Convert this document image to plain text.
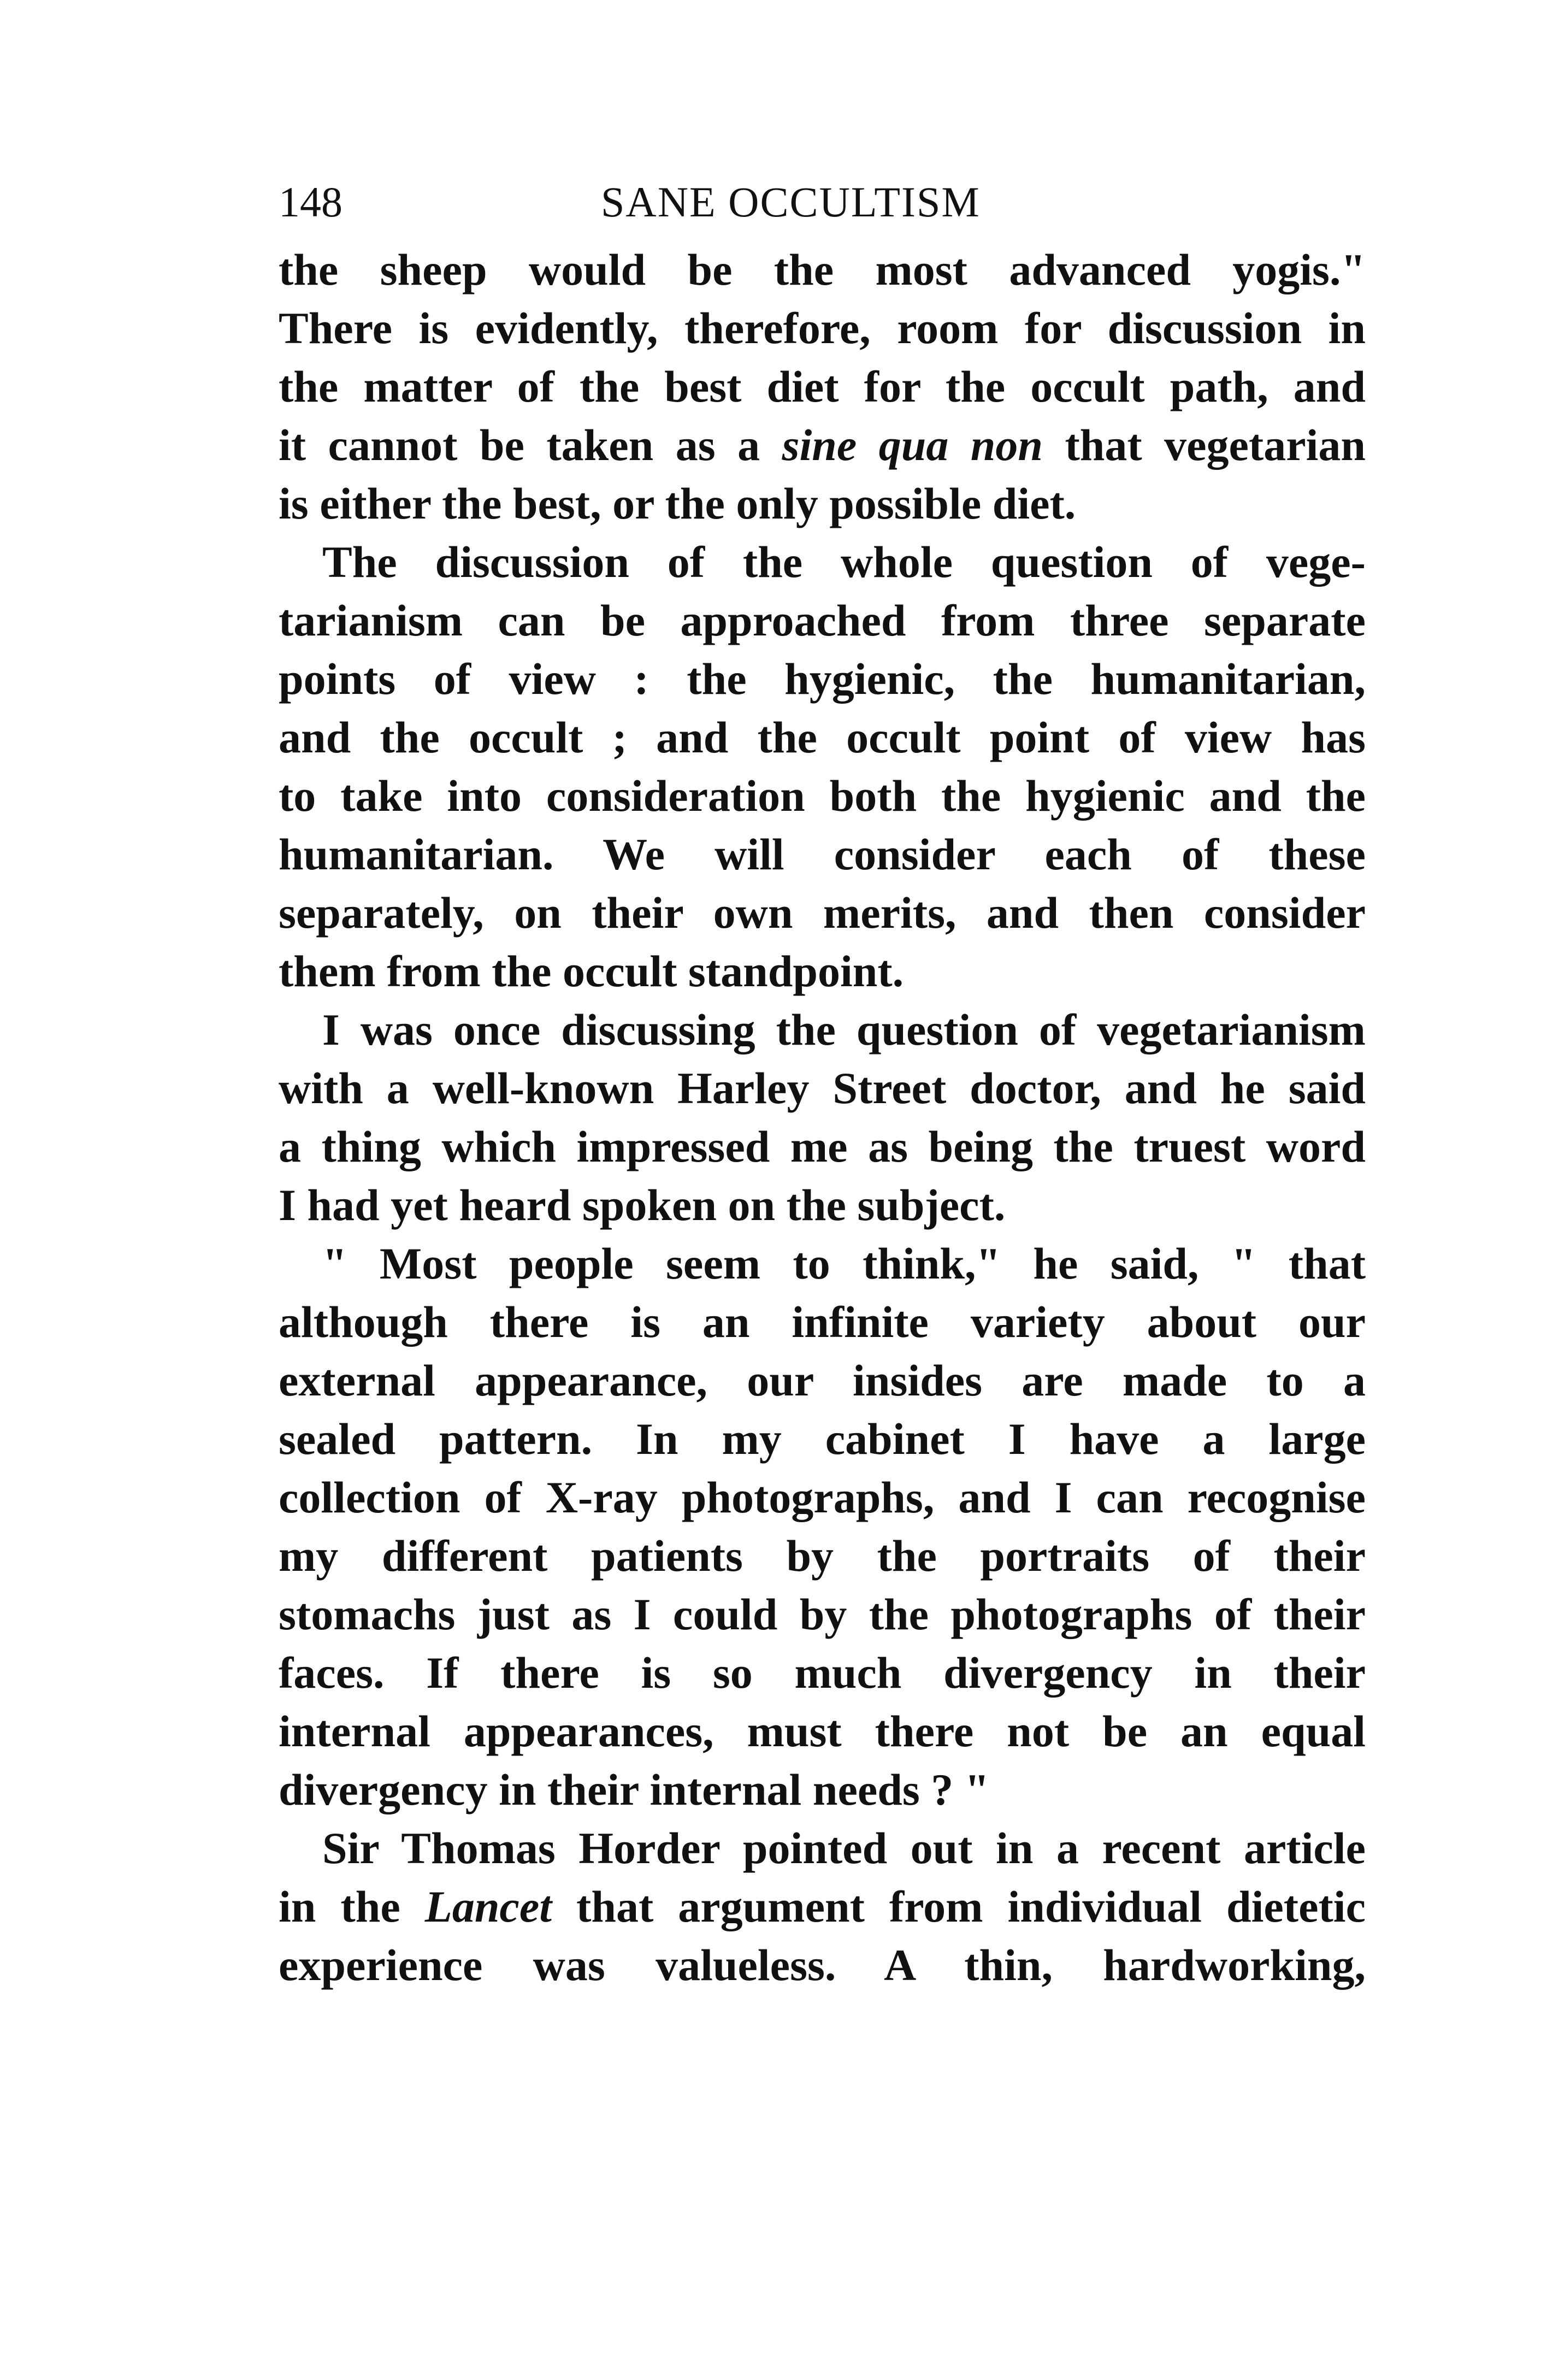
148	SANE OCCULTISM
the sheep would be the most advanced yogis."
There is evidently, therefore, room for discussion in
the matter of the best diet for the occult path, and
it cannot be taken as a sine qua non that vegetarian
is either the best, or the only possible diet.
The discussion of the whole question of vege-
tarianism can be approached from three separate
points of view : the hygienic, the humanitarian,
and the occult ; and the occult point of view has
to take into consideration both the hygienic and the
humanitarian. We will consider each of these
separately, on their own merits, and then consider
them from the occult standpoint.
I was once discussing the question of vegetarianism
with a well-known Harley Street doctor, and he said
a thing which impressed me as being the truest word
I had yet heard spoken on the subject.
" Most people seem to think," he said, " that
although there is an infinite variety about our
external appearance, our insides are made to a
sealed pattern. In my cabinet I have a large
collection of X-ray photographs, and I can recognise
my different patients by the portraits of their
stomachs just as I could by the photographs of their
faces. If there is so much divergency in their
internal appearances, must there not be an equal
divergency in their internal needs ? "
Sir Thomas Horder pointed out in a recent article
in the Lancet that argument from individual dietetic
experience was valueless. A thin, hardworking,
